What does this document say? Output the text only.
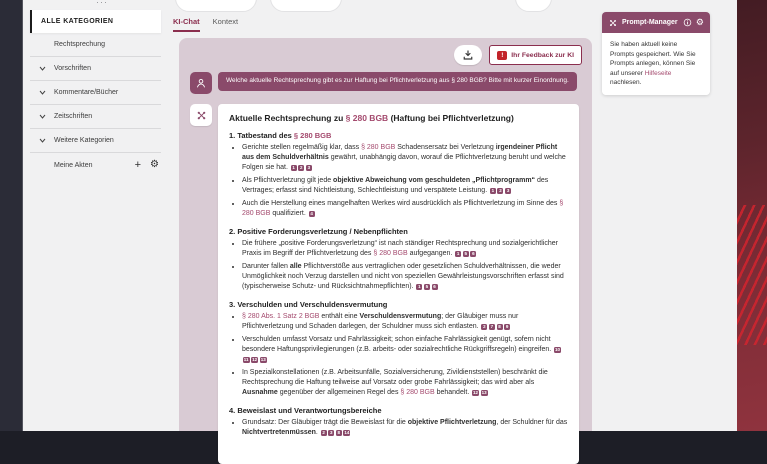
···
ALLE KATEGORIEN
Rechtsprechung
Vorschriften
Kommentare/Bücher
Zeitschriften
Weitere Kategorien
Meine Akten	+ ⚙
KI-Chat Kontext
!	Ihr Feedback zur KI
Welche aktuelle Rechtsprechung gibt es zur Haftung bei Pflichtverletzung aus § 280 BGB? Bitte mit kurzer Einordnung.
Aktuelle Rechtsprechung zu § 280 BGB (Haftung bei Pflichtverletzung)
1. Tatbestand des § 280 BGB
• Gerichte stellen regelmäßig klar, dass § 280 BGB Schadensersatz bei Verletzung irgendeiner Pflicht aus dem Schuldverhältnis gewährt, unabhängig davon, worauf die Pflichtverletzung beruht und welche Folgen sie hat. 1 2 3
• Als Pflichtverletzung gilt jede objektive Abweichung vom geschuldeten „Pflichtprogramm“ des Vertrages; erfasst sind Nichtleistung, Schlechtleistung und verspätete Leistung. 1 2 3
• Auch die Herstellung eines mangelhaften Werkes wird ausdrücklich als Pflichtverletzung im Sinne des § 280 BGB qualifiziert. 4
2. Positive Forderungsverletzung / Nebenpflichten
• Die frühere „positive Forderungsverletzung“ ist nach ständiger Rechtsprechung und sozialgerichtlicher Praxis im Begriff der Pflichtverletzung des § 280 BGB aufgegangen. 1 5 6
• Darunter fallen alle Pflichtverstöße aus vertraglichen oder gesetzlichen Schuldverhältnissen, die weder Unmöglichkeit noch Verzug darstellen und nicht von speziellen Gewährleistungsvorschriften erfasst sind (typischerweise Schutz- und Rücksichtnahmepflichten). 1 5 6
3. Verschulden und Verschuldensvermutung
• § 280 Abs. 1 Satz 2 BGB enthält eine Verschuldensvermutung; der Gläubiger muss nur Pflichtverletzung und Schaden darlegen, der Schuldner muss sich entlasten. 2 7 8 9
• Verschulden umfasst Vorsatz und Fahrlässigkeit; schon einfache Fahrlässigkeit genügt, sofern nicht besondere Haftungsprivilegierungen (z.B. arbeits- oder sozialrechtliche Rückgriffsregeln) eingreifen. 1011 12 13
• In Spezialkonstellationen (z.B. Arbeitsunfälle, Sozialversicherung, Zivildienststellen) beschränkt die Rechtsprechung die Haftung teilweise auf Vorsatz oder grobe Fahrlässigkeit; das wird aber als Ausnahme gegenüber der allgemeinen Regel des § 280 BGB behandelt. 12 13
4. Beweislast und Verantwortungsbereiche
• Grundsatz: Der Gläubiger trägt die Beweislast für die objektive Pflichtverletzung, der Schuldner für das Nichtvertretenmüssen. 2 3 8 14
Prompt-Manager ⚙
Sie haben aktuell keine Prompts gespeichert. Wie Sie Prompts anlegen, können Sie auf unserer Hilfeseite nachlesen.
